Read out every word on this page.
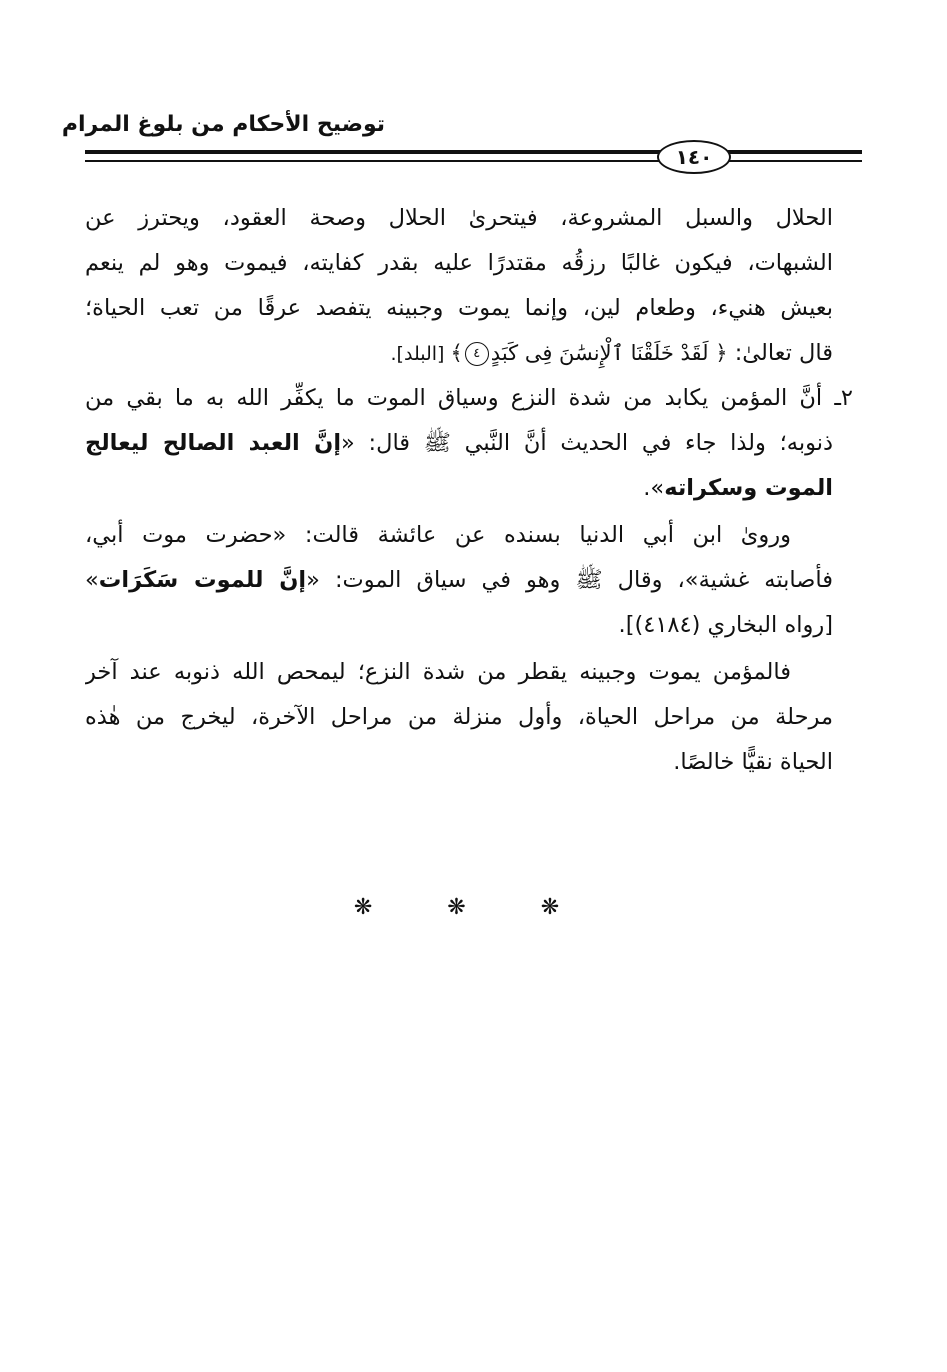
توضيح الأحكام من بلوغ المرام
١٤٠
الحلال والسبل المشروعة، فيتحرىٰ الحلال وصحة العقود، ويحترز عن
الشبهات، فيكون غالبًا رزقُه مقتدرًا عليه بقدر كفايته، فيموت وهو لم ينعم
بعيش هنيء، وطعام لين، وإنما يموت وجبينه يتفصد عرقًا من تعب الحياة؛
قال تعالىٰ: ﴿ لَقَدْ خَلَقْنَا ٱلْإِنسَٰنَ فِى كَبَدٍ٤﴾ [البلد].
٢ـ أنَّ المؤمن يكابد من شدة النزع وسياق الموت ما يكفِّر الله به ما بقي من
ذنوبه؛ ولذا جاء في الحديث أنَّ النَّبي ﷺ قال: «إنَّ العبد الصالح ليعالج
الموت وسكراته».
وروىٰ ابن أبي الدنيا بسنده عن عائشة قالت: «حضرت موت أبي،
فأصابته غشية»، وقال ﷺ وهو في سياق الموت: «إنَّ للموت سَكَرَات»
[رواه البخاري (٤١٨٤)].
فالمؤمن يموت وجبينه يقطر من شدة النزع؛ ليمحص الله ذنوبه عند آخر
مرحلة من مراحل الحياة، وأول منزلة من مراحل الآخرة، ليخرج من هٰذه
الحياة نقيًّا خالصًا.
❋ ❋ ❋
